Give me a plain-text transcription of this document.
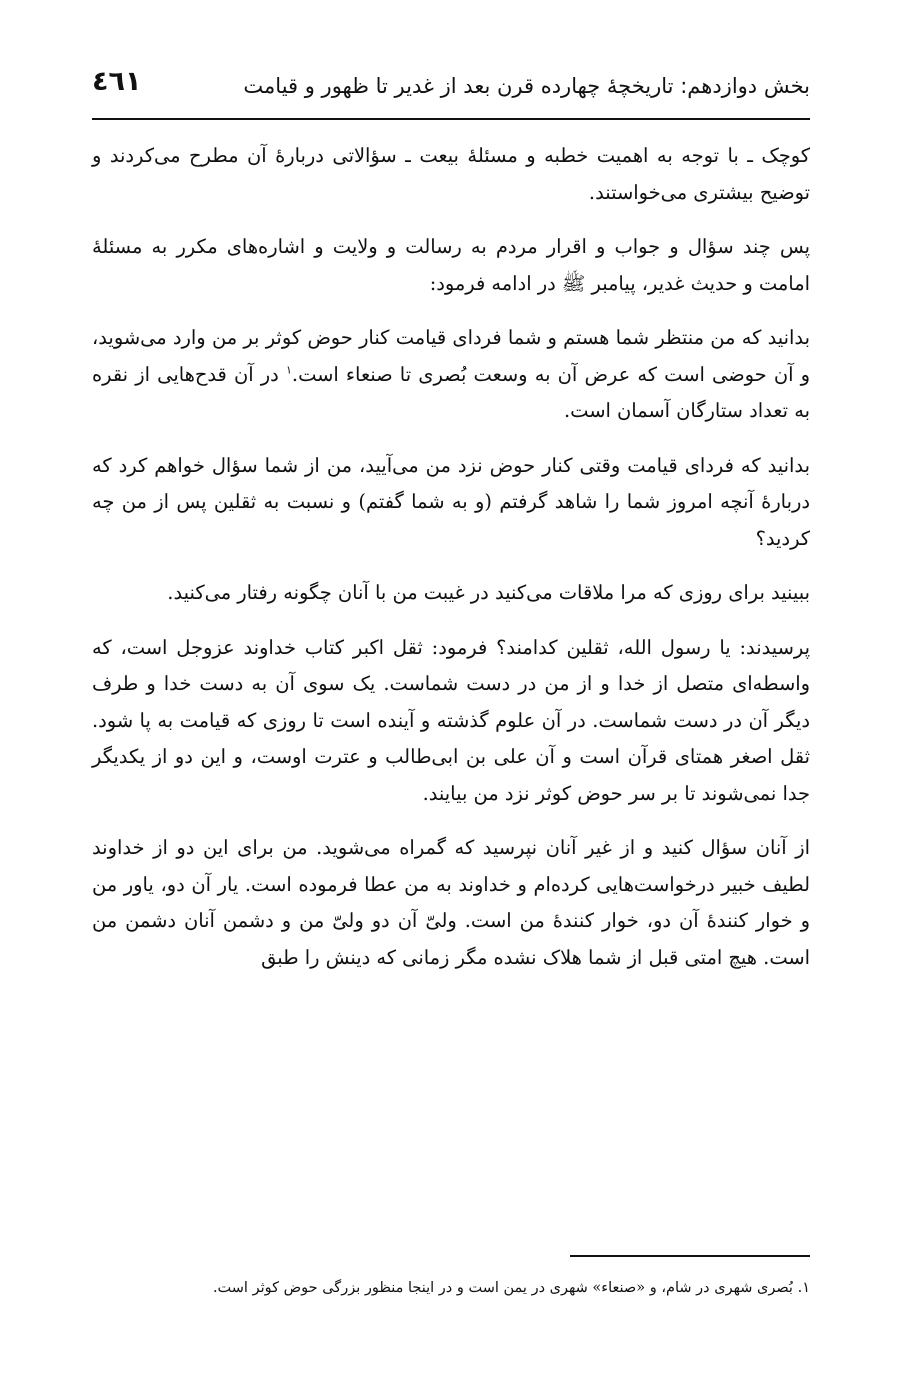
بخش دوازدهم: تاریخچهٔ چهارده قرن بعد از غدیر تا ظهور و قیامت
٤٦١

کوچک ـ با توجه به اهمیت خطبه و مسئلهٔ بیعت ـ سؤالاتی دربارهٔ آن مطرح می‌کردند و توضیح بیشتری می‌خواستند.

پس چند سؤال و جواب و اقرار مردم به رسالت و ولایت و اشاره‌های مکرر به مسئلهٔ امامت و حدیث غدیر، پیامبر ﷺ در ادامه فرمود:

بدانید که من منتظر شما هستم و شما فردای قیامت کنار حوض کوثر بر من وارد می‌شوید، و آن حوضی است که عرض آن به وسعت بُصری تا صنعاء است.$^١$ در آن قدح‌هایی از نقره به تعداد ستارگان آسمان است.

بدانید که فردای قیامت وقتی کنار حوض نزد من می‌آیید، من از شما سؤال خواهم کرد که دربارهٔ آنچه امروز شما را شاهد گرفتم (و به شما گفتم) و نسبت به ثقلین پس از من چه کردید؟

ببینید برای روزی که مرا ملاقات می‌کنید در غیبت من با آنان چگونه رفتار می‌کنید.

پرسیدند: یا رسول الله، ثقلین کدامند؟ فرمود: ثقل اکبر کتاب خداوند عزوجل است، که واسطه‌ای متصل از خدا و از من در دست شماست. یک سوی آن به دست خدا و طرف دیگر آن در دست شماست. در آن علوم گذشته و آینده است تا روزی که قیامت به پا شود. ثقل اصغر همتای قرآن است و آن علی بن ابی‌طالب و عترت اوست، و این دو از یکدیگر جدا نمی‌شوند تا بر سر حوض کوثر نزد من بیایند.

از آنان سؤال کنید و از غیر آنان نپرسید که گمراه می‌شوید. من برای این دو از خداوند لطیف خبیر درخواست‌هایی کرده‌ام و خداوند به من عطا فرموده است. یار آن دو، یاور من و خوار کنندهٔ آن دو، خوار کنندهٔ من است. ولیّ آن دو ولیّ من و دشمن آنان دشمن من است. هیچ امتی قبل از شما هلاک نشده مگر زمانی که دینش را طبق

١. بُصری شهری در شام، و «صنعاء» شهری در یمن است و در اینجا منظور بزرگی حوض کوثر است.
